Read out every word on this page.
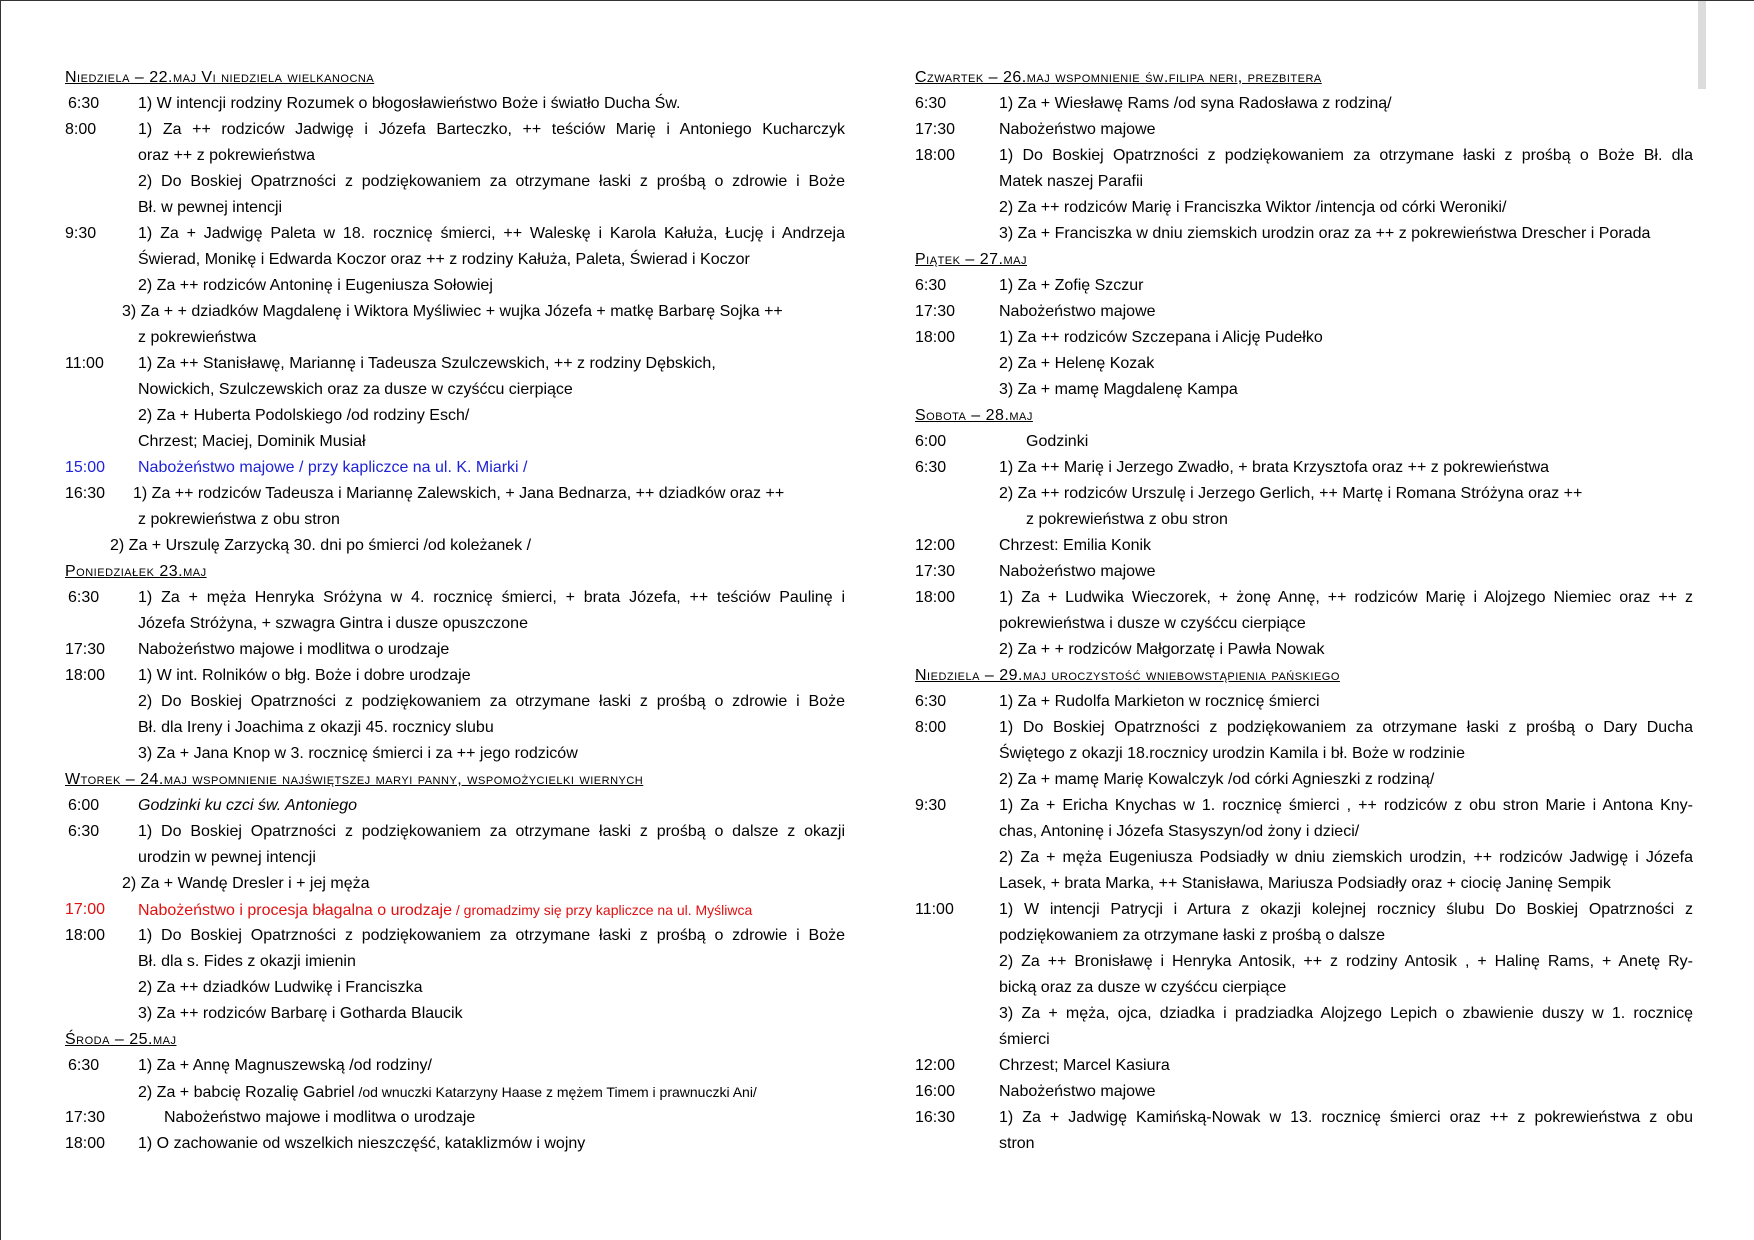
Niedziela – 22.maj Vi niedziela wielkanocna
6:30 1) W intencji rodziny Rozumek o błogosławieństwo Boże i światło Ducha Św.
8:00	1) Za ++ rodziców Jadwigę i Józefa Barteczko, ++ teściów Marię i Antoniego Kucharczyk
oraz ++ z pokrewieństwa
2) Do Boskiej Opatrzności z podziękowaniem za otrzymane łaski z prośbą o zdrowie i Boże
Bł. w pewnej intencji
9:30	1) Za + Jadwigę Paleta w 18. rocznicę śmierci, ++ Waleskę i Karola Kałuża, Łucję i Andrzeja
Świerad, Monikę i Edwarda Koczor oraz ++ z rodziny Kałuża, Paleta, Świerad i Koczor
2) Za ++ rodziców Antoninę i Eugeniusza Sołowiej
3) Za + + dziadków Magdalenę i Wiktora Myśliwiec + wujka Józefa + matkę Barbarę Sojka ++
z pokrewieństwa
11:00 1) Za ++ Stanisławę, Mariannę i Tadeusza Szulczewskich, ++ z rodziny Dębskich,
Nowickich, Szulczewskich oraz za dusze w czyśćcu cierpiące
2) Za + Huberta Podolskiego /od rodziny Esch/
Chrzest; Maciej, Dominik Musiał
15:00 Nabożeństwo majowe / przy kapliczce na ul. K. Miarki /
16:30 1) Za ++ rodziców Tadeusza i Mariannę Zalewskich, + Jana Bednarza, ++ dziadków oraz ++
z pokrewieństwa z obu stron
2) Za + Urszulę Zarzycką 30. dni po śmierci /od koleżanek /
Poniedziałek 23.maj
6:30 1) Za + męża Henryka Sróżyna w 4. rocznicę śmierci, + brata Józefa, ++ teściów Paulinę i
Józefa Stróżyna, + szwagra Gintra i dusze opuszczone
17:30 Nabożeństwo majowe i modlitwa o urodzaje
18:00 1) W int. Rolników o błg. Boże i dobre urodzaje
2) Do Boskiej Opatrzności z podziękowaniem za otrzymane łaski z prośbą o zdrowie i Boże
Bł. dla Ireny i Joachima z okazji 45. rocznicy slubu
3) Za + Jana Knop w 3. rocznicę śmierci i za ++ jego rodziców
Wtorek – 24.maj wspomnienie najświętszej maryi panny, wspomożycielki wiernych
6:00 Godzinki ku czci św. Antoniego
6:30 1) Do Boskiej Opatrzności z podziękowaniem za otrzymane łaski z prośbą o dalsze z okazji
urodzin w pewnej intencji
2) Za + Wandę Dresler i + jej męża
17:00 Nabożeństwo i procesja błagalna o urodzaje / gromadzimy się przy kapliczce na ul. Myśliwca
18:00 1) Do Boskiej Opatrzności z podziękowaniem za otrzymane łaski z prośbą o zdrowie i Boże
Bł. dla s. Fides z okazji imienin
2) Za ++ dziadków Ludwikę i Franciszka
3) Za ++ rodziców Barbarę i Gotharda Blaucik
Środa – 25.maj
6:30 1) Za + Annę Magnuszewską /od rodziny/
2) Za + babcię Rozalię Gabriel /od wnuczki Katarzyny Haase z mężem Timem i prawnuczki Ani/
17:30	Nabożeństwo majowe i modlitwa o urodzaje
18:00 1) O zachowanie od wszelkich nieszczęść, kataklizmów i wojny
Czwartek – 26.maj wspomnienie św.filipa neri, prezbitera
6:30	1) Za + Wiesławę Rams /od syna Radosława z rodziną/
17:30	Nabożeństwo majowe
18:00	1) Do Boskiej Opatrzności z podziękowaniem za otrzymane łaski z prośbą o Boże Bł. dla
Matek naszej Parafii
2) Za ++ rodziców Marię i Franciszka Wiktor /intencja od córki Weroniki/
3) Za + Franciszka w dniu ziemskich urodzin oraz za ++ z pokrewieństwa Drescher i Porada
Piątek – 27.maj
6:30	1) Za + Zofię Szczur
17:30	Nabożeństwo majowe
18:00	1) Za ++ rodziców Szczepana i Alicję Pudełko
2) Za + Helenę Kozak
3) Za + mamę Magdalenę Kampa
Sobota – 28.maj
6:00	Godzinki
6:30	1) Za ++ Marię i Jerzego Zwadło, + brata Krzysztofa oraz ++ z pokrewieństwa
2) Za ++ rodziców Urszulę i Jerzego Gerlich, ++ Martę i Romana Stróżyna oraz ++
z pokrewieństwa z obu stron
12:00	Chrzest: Emilia Konik
17:30	Nabożeństwo majowe
18:00	1) Za + Ludwika Wieczorek, + żonę Annę, ++ rodziców Marię i Alojzego Niemiec oraz ++ z
pokrewieństwa i dusze w czyśćcu cierpiące
2) Za + + rodziców Małgorzatę i Pawła Nowak
Niedziela – 29.maj uroczystość wniebowstąpienia pańskiego
6:30	1) Za + Rudolfa Markieton w rocznicę śmierci
8:00	1) Do Boskiej Opatrzności z podziękowaniem za otrzymane łaski z prośbą o Dary Ducha
Świętego z okazji 18.rocznicy urodzin Kamila i bł. Boże w rodzinie
2) Za + mamę Marię Kowalczyk /od córki Agnieszki z rodziną/
9:30	1) Za + Ericha Knychas w 1. rocznicę śmierci , ++ rodziców z obu stron Marie i Antona Kny-
chas, Antoninę i Józefa Stasyszyn/od żony i dzieci/
2) Za + męża Eugeniusza Podsiadły w dniu ziemskich urodzin, ++ rodziców Jadwigę i Józefa
Lasek, + brata Marka, ++ Stanisława, Mariusza Podsiadły oraz + ciocię Janinę Sempik
11:00	1) W intencji Patrycji i Artura z okazji kolejnej rocznicy ślubu Do Boskiej Opatrzności z
podziękowaniem za otrzymane łaski z prośbą o dalsze
2) Za ++ Bronisławę i Henryka Antosik, ++ z rodziny Antosik , + Halinę Rams, + Anetę Ry-
bicką oraz za dusze w czyśćcu cierpiące
3) Za + męża, ojca, dziadka i pradziadka Alojzego Lepich o zbawienie duszy w 1. rocznicę
śmierci
12:00	Chrzest; Marcel Kasiura
16:00	Nabożeństwo majowe
16:30	1) Za + Jadwigę Kamińską-Nowak w 13. rocznicę śmierci oraz ++ z pokrewieństwa z obu
stron
